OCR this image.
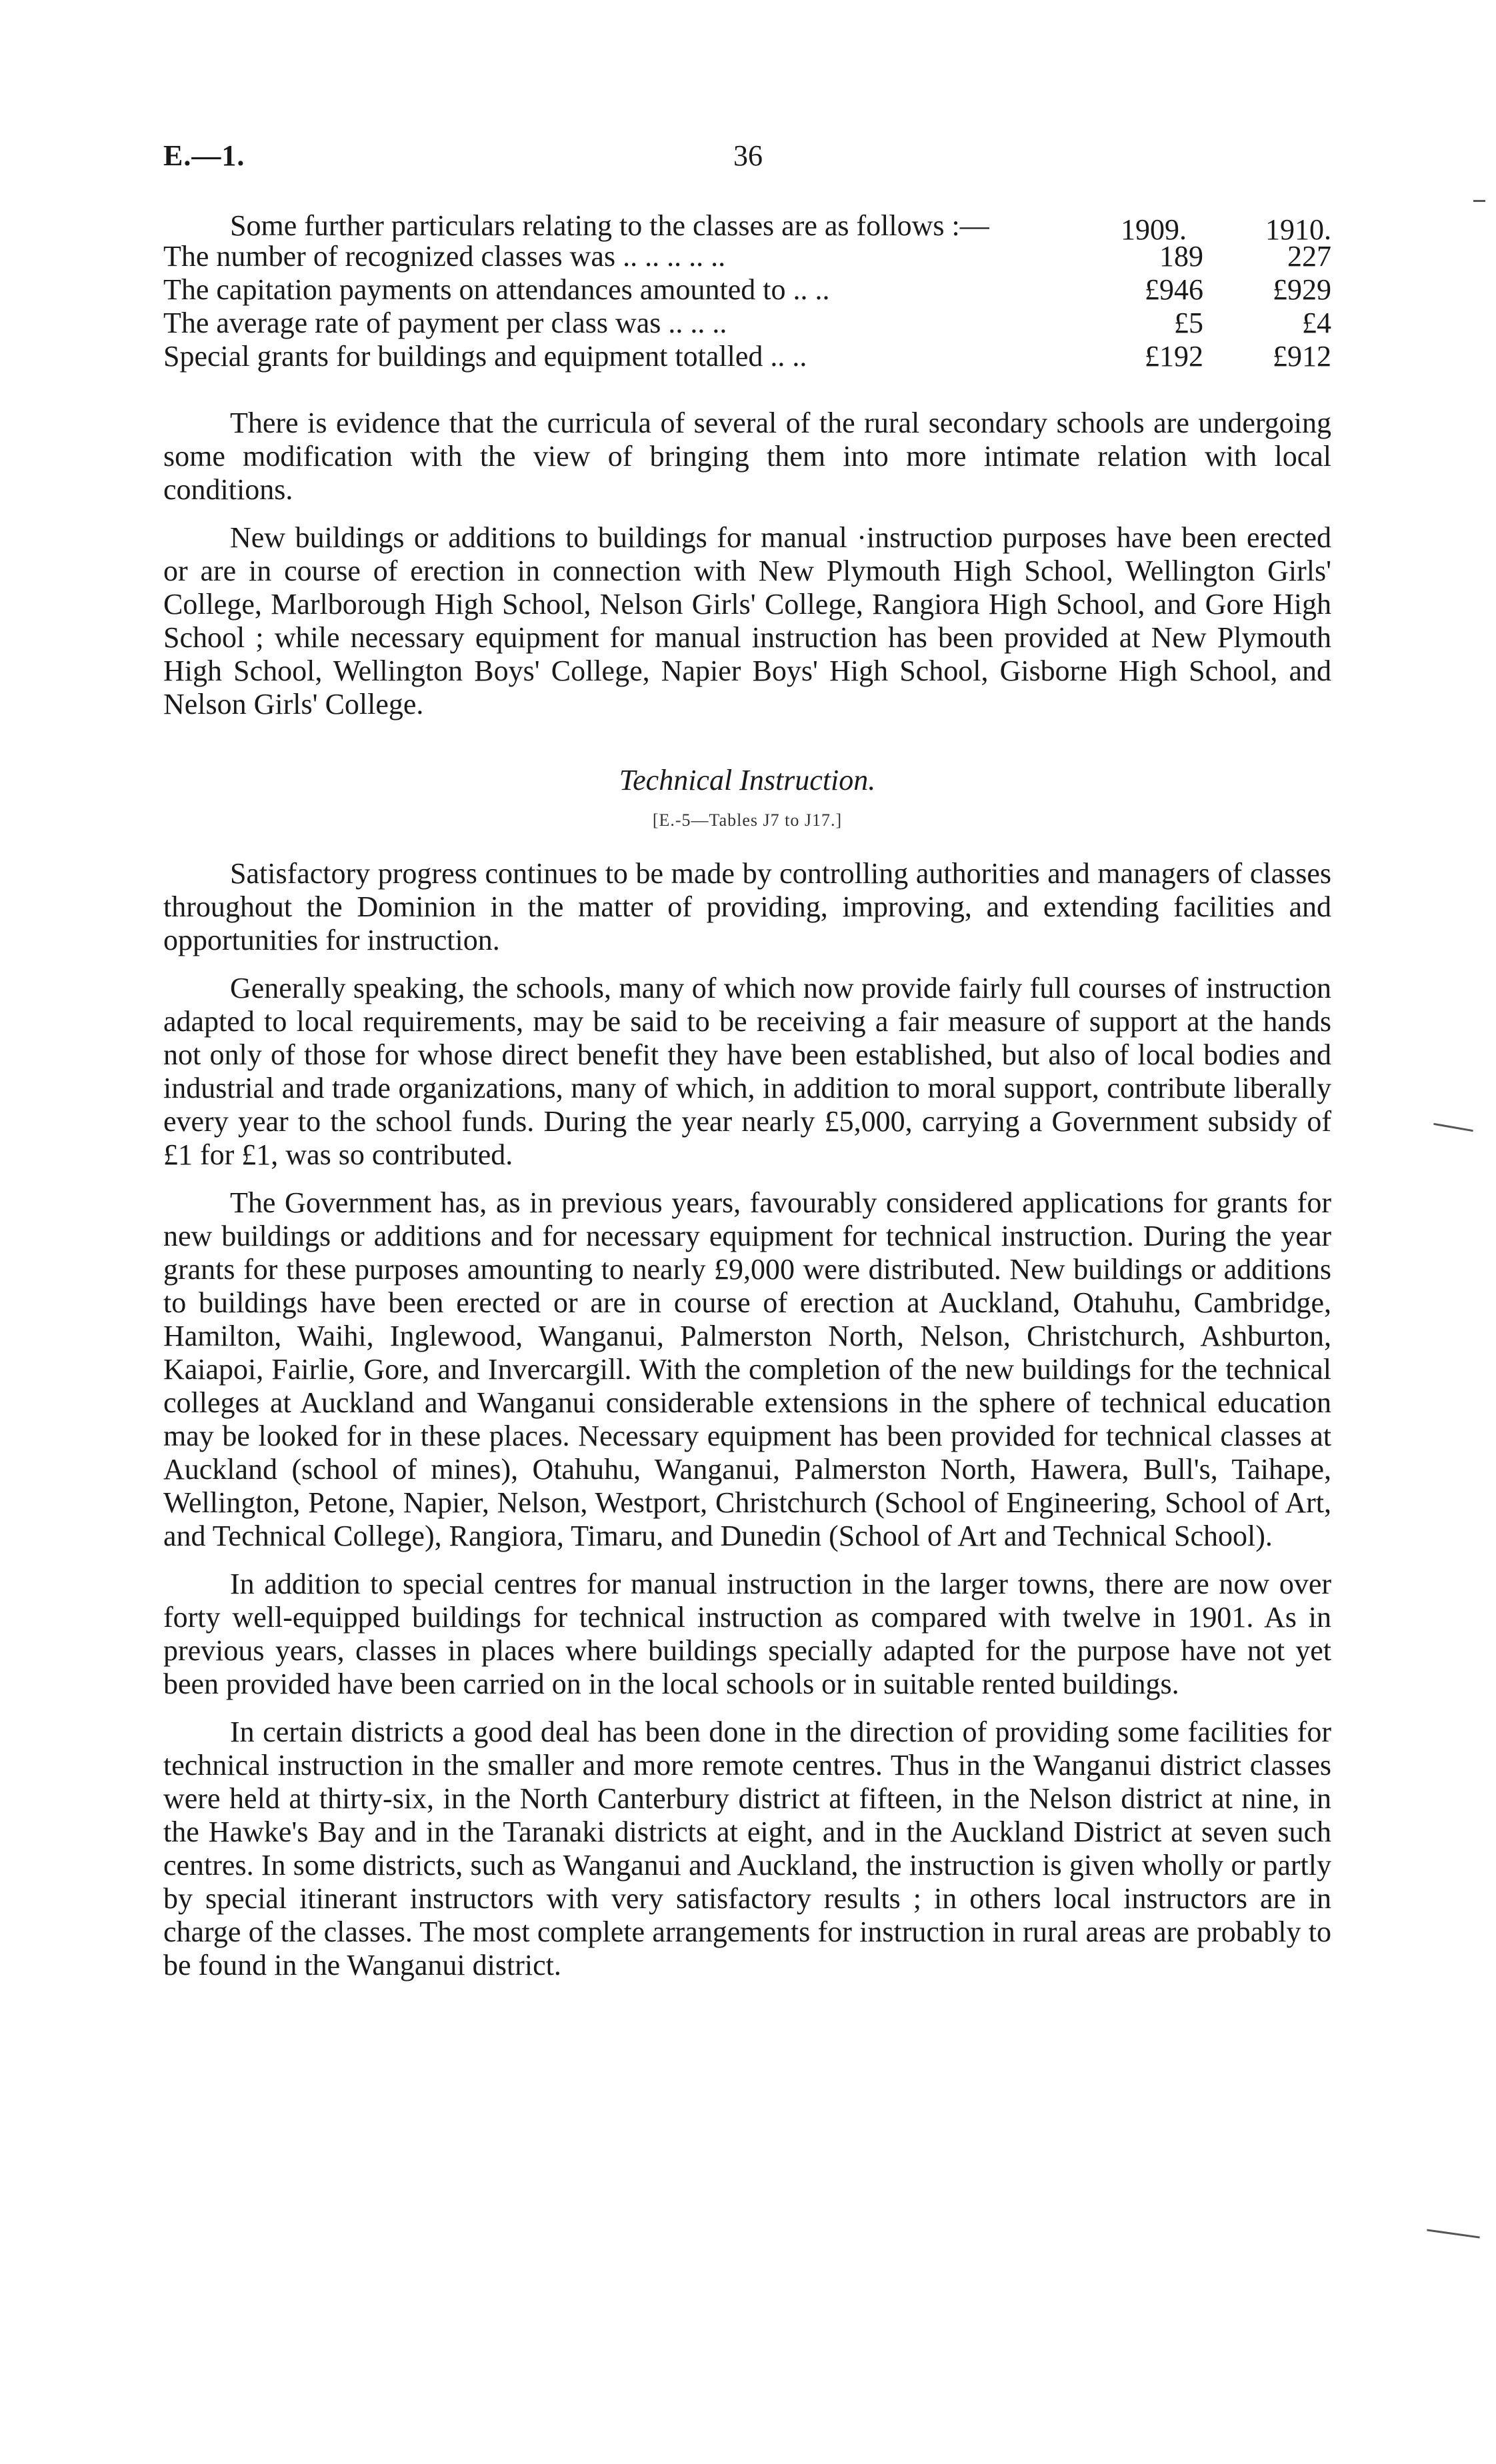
E.—1.	36
Some further particulars relating to the classes are as follows :—	1909.	1910.
The number of recognized classes was .. .. .. .. ..	189	227
The capitation payments on attendances amounted to .. ..	£946	£929
The average rate of payment per class was .. .. ..	£5	£4
Special grants for buildings and equipment totalled .. ..	£192	£912

There is evidence that the curricula of several of the rural secondary schools are undergoing some modification with the view of bringing them into more intimate relation with local conditions.

New buildings or additions to buildings for manual ·instructioᴅ purposes have been erected or are in course of erection in connection with New Plymouth High School, Wellington Girls' College, Marlborough High School, Nelson Girls' College, Rangiora High School, and Gore High School ; while necessary equipment for manual instruction has been provided at New Plymouth High School, Wellington Boys' College, Napier Boys' High School, Gisborne High School, and Nelson Girls' College.

Technical Instruction.
[E.-5—Tables J7 to J17.]

Satisfactory progress continues to be made by controlling authorities and managers of classes throughout the Dominion in the matter of providing, improving, and extending facilities and opportunities for instruction.

Generally speaking, the schools, many of which now provide fairly full courses of instruction adapted to local requirements, may be said to be receiving a fair measure of support at the hands not only of those for whose direct benefit they have been established, but also of local bodies and industrial and trade organizations, many of which, in addition to moral support, contribute liberally every year to the school funds. During the year nearly £5,000, carrying a Government subsidy of £1 for £1, was so contributed.

The Government has, as in previous years, favourably considered applications for grants for new buildings or additions and for necessary equipment for technical instruction. During the year grants for these purposes amounting to nearly £9,000 were distributed. New buildings or additions to buildings have been erected or are in course of erection at Auckland, Otahuhu, Cambridge, Hamilton, Waihi, Inglewood, Wanganui, Palmerston North, Nelson, Christchurch, Ashburton, Kaiapoi, Fairlie, Gore, and Invercargill. With the completion of the new buildings for the technical colleges at Auckland and Wanganui considerable extensions in the sphere of technical education may be looked for in these places. Necessary equipment has been provided for technical classes at Auckland (school of mines), Otahuhu, Wanganui, Palmerston North, Hawera, Bull's, Taihape, Wellington, Petone, Napier, Nelson, Westport, Christchurch (School of Engineering, School of Art, and Technical College), Rangiora, Timaru, and Dunedin (School of Art and Technical School).

In addition to special centres for manual instruction in the larger towns, there are now over forty well-equipped buildings for technical instruction as compared with twelve in 1901. As in previous years, classes in places where buildings specially adapted for the purpose have not yet been provided have been carried on in the local schools or in suitable rented buildings.

In certain districts a good deal has been done in the direction of providing some facilities for technical instruction in the smaller and more remote centres. Thus in the Wanganui district classes were held at thirty-six, in the North Canterbury district at fifteen, in the Nelson district at nine, in the Hawke's Bay and in the Taranaki districts at eight, and in the Auckland District at seven such centres. In some districts, such as Wanganui and Auckland, the instruction is given wholly or partly by special itinerant instructors with very satisfactory results ; in others local instructors are in charge of the classes. The most complete arrangements for instruction in rural areas are probably to be found in the Wanganui district.
